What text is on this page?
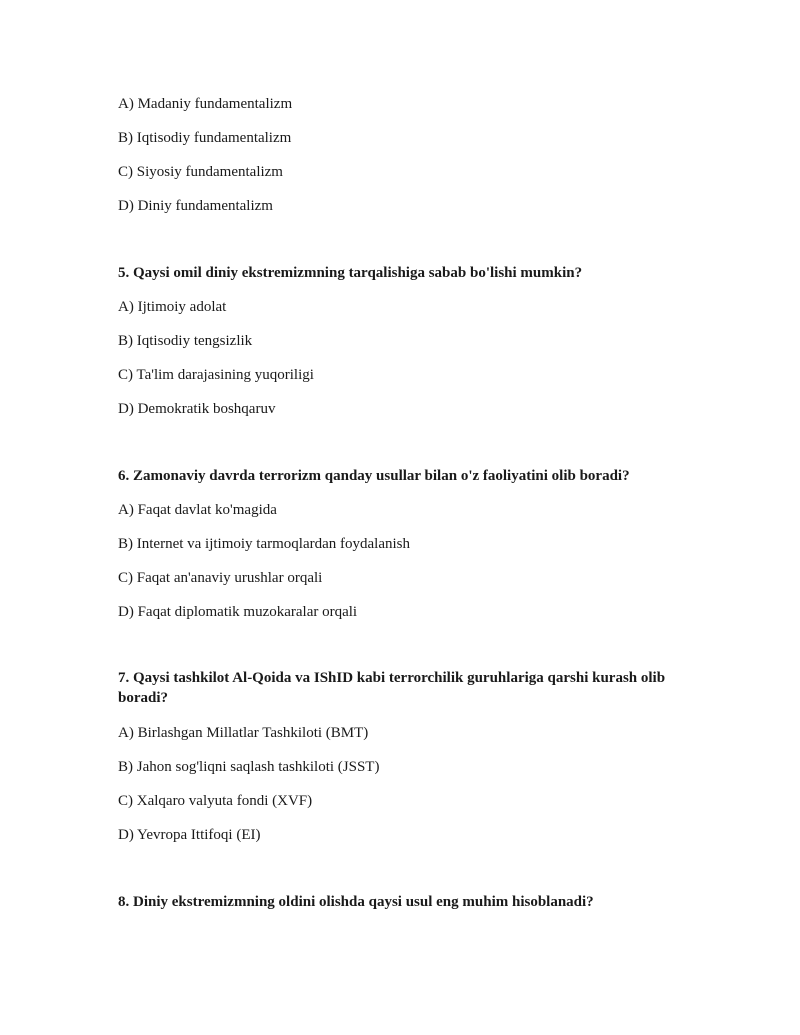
A) Madaniy fundamentalizm
B) Iqtisodiy fundamentalizm
C) Siyosiy fundamentalizm
D) Diniy fundamentalizm
5. Qaysi omil diniy ekstremizmning tarqalishiga sabab bo'lishi mumkin?
A) Ijtimoiy adolat
B) Iqtisodiy tengsizlik
C) Ta'lim darajasining yuqoriligi
D) Demokratik boshqaruv
6. Zamonaviy davrda terrorizm qanday usullar bilan o'z faoliyatini olib boradi?
A) Faqat davlat ko'magida
B) Internet va ijtimoiy tarmoqlardan foydalanish
C) Faqat an'anaviy urushlar orqali
D) Faqat diplomatik muzokaralar orqali
7. Qaysi tashkilot Al-Qoida va IShID kabi terrorchilik guruhlariga qarshi kurash olib boradi?
A) Birlashgan Millatlar Tashkiloti (BMT)
B) Jahon sog'liqni saqlash tashkiloti (JSST)
C) Xalqaro valyuta fondi (XVF)
D) Yevropa Ittifoqi (EI)
8. Diniy ekstremizmning oldini olishda qaysi usul eng muhim hisoblanadi?
